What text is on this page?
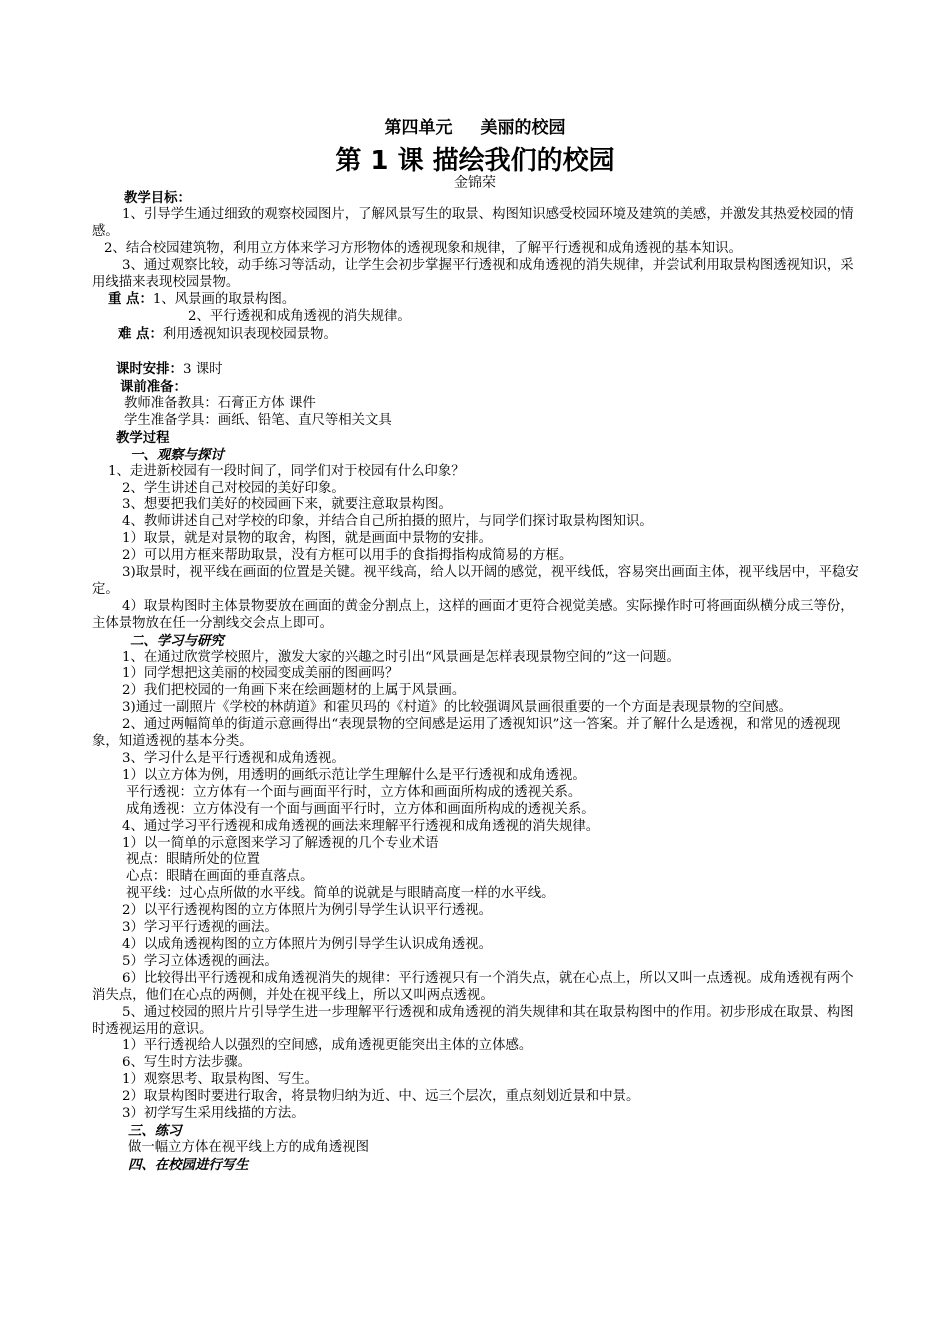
第四单元 美丽的校园
第 1 课 描绘我们的校园
金锦荣

教学目标：

1、引导学生通过细致的观察校园图片，了解风景写生的取景、构图知识感受校园环境及建筑的美感，并激发其热爱校园的情感。

2、结合校园建筑物，利用立方体来学习方形物体的透视现象和规律，了解平行透视和成角透视的基本知识。

3、通过观察比较，动手练习等活动，让学生会初步掌握平行透视和成角透视的消失规律，并尝试利用取景构图透视知识，采用线描来表现校园景物。

重 点：1、风景画的取景构图。

2、平行透视和成角透视的消失规律。

难 点：利用透视知识表现校园景物。

课时安排：3 课时

课前准备：

教师准备教具：石膏正方体 课件

学生准备学具：画纸、铅笔、直尺等相关文具

教学过程

一、观察与探讨

1、走进新校园有一段时间了，同学们对于校园有什么印象？

2、学生讲述自己对校园的美好印象。

3、想要把我们美好的校园画下来，就要注意取景构图。

4、教师讲述自己对学校的印象，并结合自己所拍摄的照片，与同学们探讨取景构图知识。

1）取景，就是对景物的取舍，构图，就是画面中景物的安排。

2）可以用方框来帮助取景，没有方框可以用手的食指拇指构成简易的方框。

3)取景时，视平线在画面的位置是关键。视平线高，给人以开阔的感觉，视平线低，容易突出画面主体，视平线居中，平稳安定。

4）取景构图时主体景物要放在画面的黄金分割点上，这样的画面才更符合视觉美感。实际操作时可将画面纵横分成三等份，主体景物放在任一分割线交会点上即可。

二、学习与研究

1、在通过欣赏学校照片，激发大家的兴趣之时引出“风景画是怎样表现景物空间的”这一问题。

1）同学想把这美丽的校园变成美丽的图画吗？

2）我们把校园的一角画下来在绘画题材的上属于风景画。

3)通过一副照片《学校的林荫道》和霍贝玛的《村道》的比较强调风景画很重要的一个方面是表现景物的空间感。

2、通过两幅简单的街道示意画得出“表现景物的空间感是运用了透视知识”这一答案。并了解什么是透视，和常见的透视现象，知道透视的基本分类。

3、学习什么是平行透视和成角透视。

1）以立方体为例，用透明的画纸示范让学生理解什么是平行透视和成角透视。

平行透视：立方体有一个面与画面平行时，立方体和画面所构成的透视关系。

成角透视：立方体没有一个面与画面平行时，立方体和画面所构成的透视关系。

4、通过学习平行透视和成角透视的画法来理解平行透视和成角透视的消失规律。

1）以一简单的示意图来学习了解透视的几个专业术语

视点：眼睛所处的位置

心点：眼睛在画面的垂直落点。

视平线：过心点所做的水平线。简单的说就是与眼睛高度一样的水平线。

2）以平行透视构图的立方体照片为例引导学生认识平行透视。

3）学习平行透视的画法。

4）以成角透视构图的立方体照片为例引导学生认识成角透视。

5）学习立体透视的画法。

6）比较得出平行透视和成角透视消失的规律：平行透视只有一个消失点，就在心点上，所以又叫一点透视。成角透视有两个消失点，他们在心点的两侧，并处在视平线上，所以又叫两点透视。

5、通过校园的照片片引导学生进一步理解平行透视和成角透视的消失规律和其在取景构图中的作用。初步形成在取景、构图时透视运用的意识。

1）平行透视给人以强烈的空间感，成角透视更能突出主体的立体感。

6、写生时方法步骤。

1）观察思考、取景构图、写生。

2）取景构图时要进行取舍，将景物归纳为近、中、远三个层次，重点刻划近景和中景。

3）初学写生采用线描的方法。

三、练习

做一幅立方体在视平线上方的成角透视图

四、在校园进行写生
